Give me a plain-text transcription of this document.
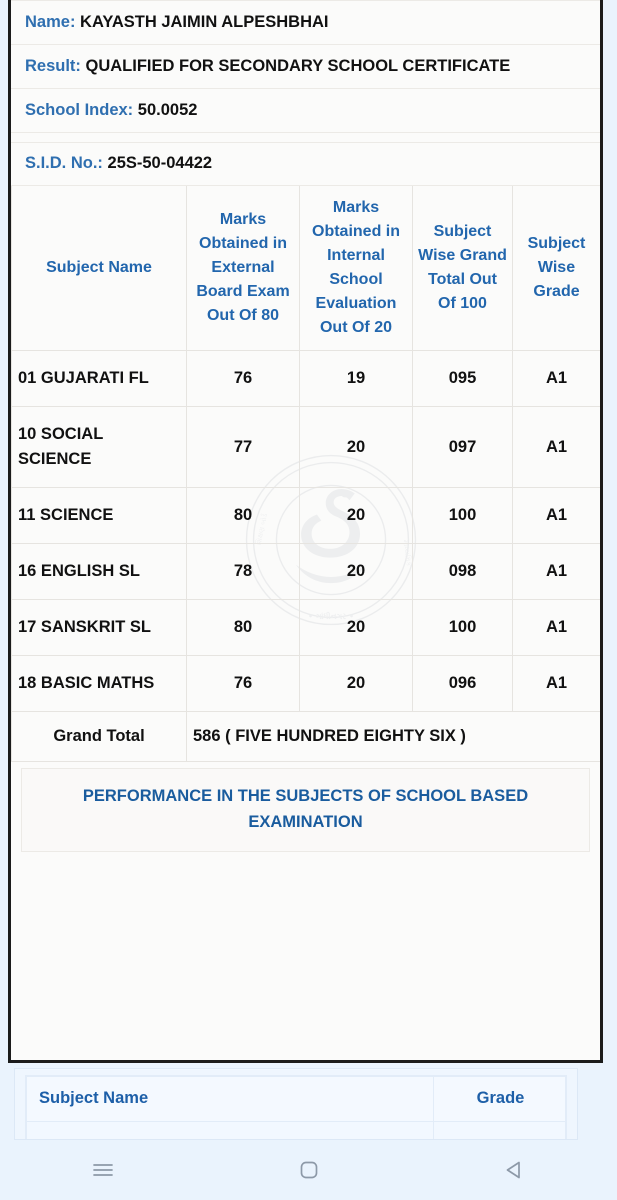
• ગાંધીનગર •
શિક્ષણ બોર્ડ
માધ્યમિક
Name: KAYASTH JAIMIN ALPESHBHAI
Result: QUALIFIED FOR SECONDARY SCHOOL CERTIFICATE
School Index: 50.0052
S.I.D. No.: 25S-50-04422
Subject Name	Marks Obtained in External Board Exam Out Of 80	Marks Obtained in Internal School Evaluation Out Of 20	Subject Wise Grand Total Out Of 100	Subject Wise Grade
01 GUJARATI FL	76	19	095	A1
10 SOCIAL SCIENCE	77	20	097	A1
11 SCIENCE	80	20	100	A1
16 ENGLISH SL	78	20	098	A1
17 SANSKRIT SL	80	20	100	A1
18 BASIC MATHS	76	20	096	A1
Grand Total	586 ( FIVE HUNDRED EIGHTY SIX )			
PERFORMANCE IN THE SUBJECTS OF SCHOOL BASED EXAMINATION
Subject Name	Grade
